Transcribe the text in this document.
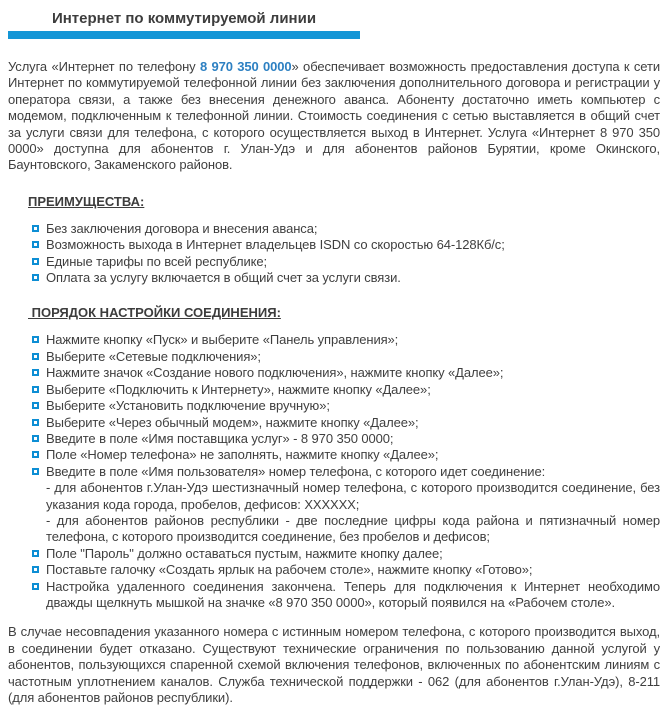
Интернет по коммутируемой линии

Услуга «Интернет по телефону 8 970 350 0000» обеспечивает возможность предоставления доступа к сети Интернет по коммутируемой телефонной линии без заключения дополнительного договора и регистрации у оператора связи, а также без внесения денежного аванса. Абоненту достаточно иметь компьютер с модемом, подключенным к телефонной линии. Стоимость соединения с сетью выставляется в общий счет за услуги связи для телефона, с которого осуществляется выход в Интернет. Услуга «Интернет 8 970 350 0000» доступна для абонентов г. Улан-Удэ и для абонентов районов Бурятии, кроме Окинского, Баунтовского, Закаменского районов.

ПРЕИМУЩЕСТВА:
Без заключения договора и внесения аванса;
Возможность выхода в Интернет владельцев ISDN со скоростью 64-128Кб/с;
Единые тарифы по всей республике;
Оплата за услугу включается в общий счет за услуги связи.
ПОРЯДОК НАСТРОЙКИ СОЕДИНЕНИЯ:
Нажмите кнопку «Пуск» и выберите «Панель управления»;
Выберите «Сетевые подключения»;
Нажмите значок «Создание нового подключения», нажмите кнопку «Далее»;
Выберите «Подключить к Интернету», нажмите кнопку «Далее»;
Выберите «Установить подключение вручную»;
Выберите «Через обычный модем», нажмите кнопку «Далее»;
Введите в поле «Имя поставщика услуг» - 8 970 350 0000;
Поле «Номер телефона» не заполнять, нажмите кнопку «Далее»;
Введите в поле «Имя пользователя» номер телефона, с которого идет соединение:
- для абонентов г.Улан-Удэ шестизначный номер телефона, с которого производится соединение, без указания кода города, пробелов, дефисов: XXXXXX;
- для абонентов районов республики - две последние цифры кода района и пятизначный номер телефона, с которого производится соединение, без пробелов и дефисов;
Поле "Пароль" должно оставаться пустым, нажмите кнопку далее;
Поставьте галочку «Создать ярлык на рабочем столе», нажмите кнопку «Готово»;
Настройка удаленного соединения закончена. Теперь для подключения к Интернет необходимо дважды щелкнуть мышкой на значке «8 970 350 0000», который появился на «Рабочем столе».

В случае несовпадения указанного номера с истинным номером телефона, с которого производится выход, в соединении будет отказано. Существуют технические ограничения по пользованию данной услугой у абонентов, пользующихся спаренной схемой включения телефонов, включенных по абонентским линиям с частотным уплотнением каналов. Служба технической поддержки - 062 (для абонентов г.Улан-Удэ), 8-211 (для абонентов районов республики).
